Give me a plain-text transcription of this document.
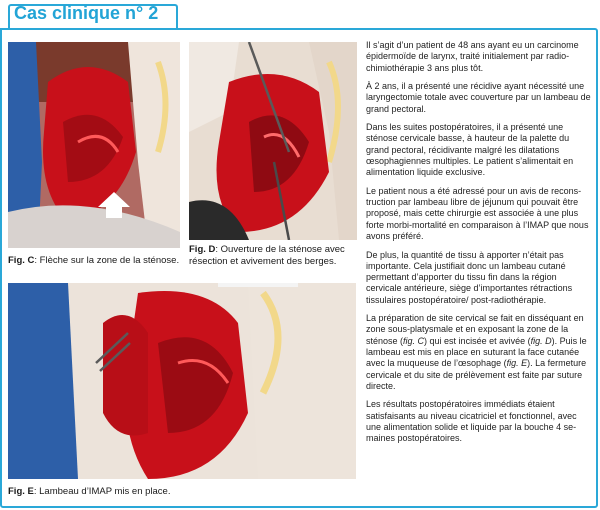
Cas clinique n° 2
Fig. C: Flèche sur la zone de la sténose.
Fig. D: Ouverture de la sténose avec résection et avivement des berges.
Fig. E: Lambeau d’IMAP mis en place.

Il s’agit d’un patient de 48 ans ayant eu un carcinome épidermoïde de larynx, traité initialement par radio-chimiothérapie 3 ans plus tôt.

À 2 ans, il a présenté une récidive ayant nécessité une laryngectomie totale avec couverture par un lambeau de grand pectoral.

Dans les suites postopératoires, il a présenté une sténose cervicale basse, à hauteur de la palette du grand pectoral, récidivante malgré les dilatations œsophagiennes multiples. Le patient s’alimentait en alimentation liquide exclusive.

Le patient nous a été adressé pour un avis de reconstruction par lambeau libre de jéjunum qui pouvait être proposé, mais cette chirurgie est associée à une plus forte morbi-mortalité en comparaison à l’IMAP que nous avons préféré.

De plus, la quantité de tissu à apporter n’était pas importante. Cela justifiait donc un lambeau cutané permettant d’apporter du tissu fin dans la région cervicale antérieure, siège d’importantes rétractions tissulaires postopératoire/ post-radiothérapie.

La préparation de site cervical se fait en disséquant en zone sous-platysmale et en exposant la zone de la sténose (fig. C) qui est incisée et avivée (fig. D). Puis le lambeau est mis en place en suturant la face cutanée avec la muqueuse de l’œsophage (fig. E). La fermeture cervicale et du site de prélèvement est faite par suture directe.

Les résultats postopératoires immédiats étaient satisfaisants au niveau cicatriciel et fonctionnel, avec une alimentation solide et liquide par la bouche 4 semaines postopératoires.
